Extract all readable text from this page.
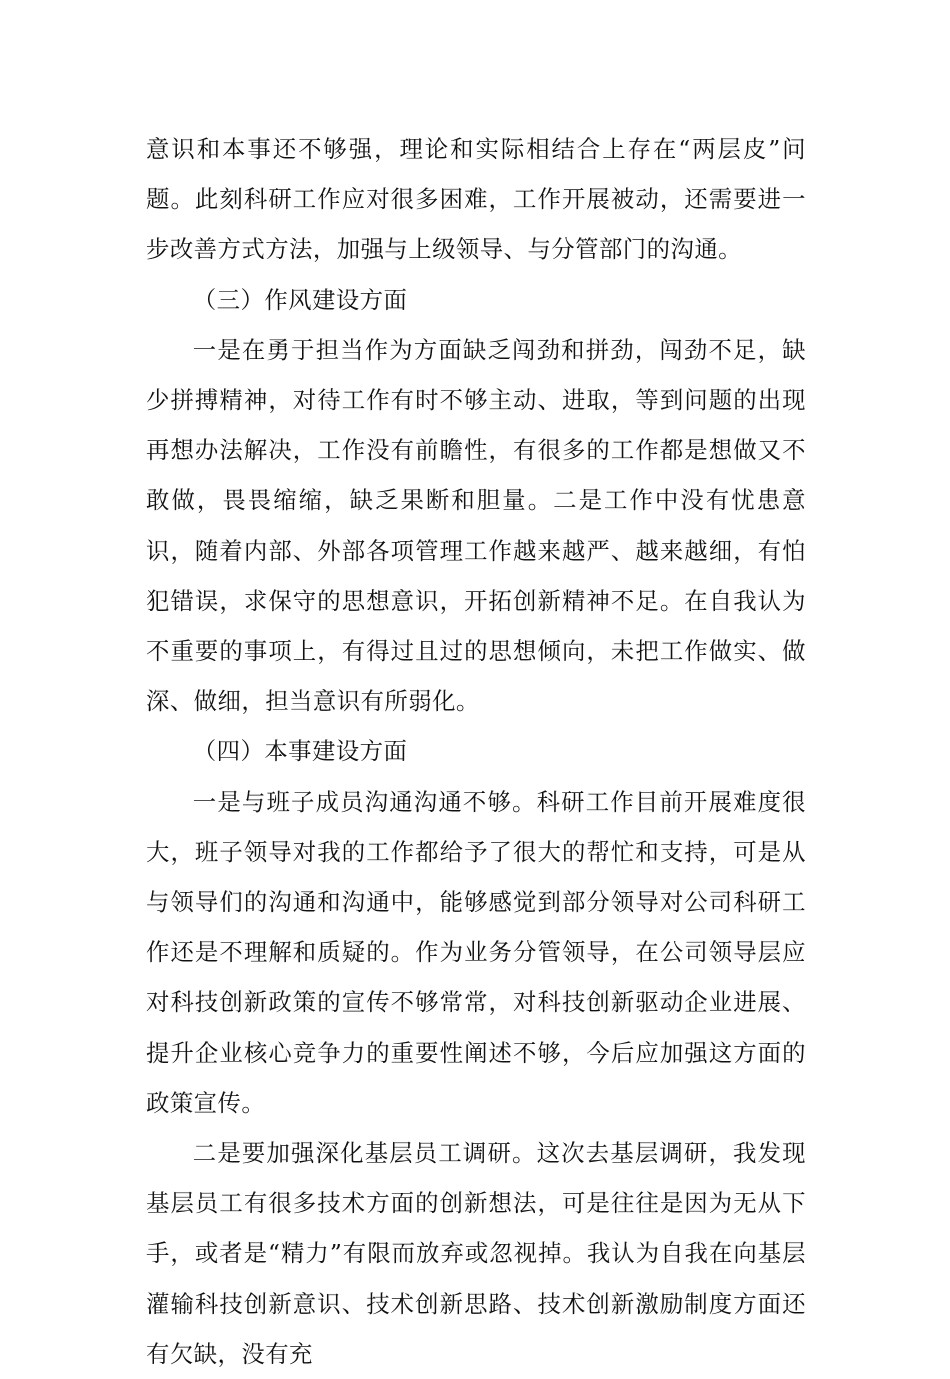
意识和本事还不够强，理论和实际相结合上存在“两层皮”问题。此刻科研工作应对很多困难，工作开展被动，还需要进一步改善方式方法，加强与上级领导、与分管部门的沟通。

（三）作风建设方面

一是在勇于担当作为方面缺乏闯劲和拼劲，闯劲不足，缺少拼搏精神，对待工作有时不够主动、进取，等到问题的出现再想办法解决，工作没有前瞻性，有很多的工作都是想做又不敢做，畏畏缩缩，缺乏果断和胆量。二是工作中没有忧患意识，随着内部、外部各项管理工作越来越严、越来越细，有怕犯错误，求保守的思想意识，开拓创新精神不足。在自我认为不重要的事项上，有得过且过的思想倾向，未把工作做实、做深、做细，担当意识有所弱化。

（四）本事建设方面

一是与班子成员沟通沟通不够。科研工作目前开展难度很大，班子领导对我的工作都给予了很大的帮忙和支持，可是从与领导们的沟通和沟通中，能够感觉到部分领导对公司科研工作还是不理解和质疑的。作为业务分管领导，在公司领导层应对科技创新政策的宣传不够常常，对科技创新驱动企业进展、提升企业核心竞争力的重要性阐述不够，今后应加强这方面的政策宣传。

二是要加强深化基层员工调研。这次去基层调研，我发现基层员工有很多技术方面的创新想法，可是往往是因为无从下手，或者是“精力”有限而放弃或忽视掉。我认为自我在向基层灌输科技创新意识、技术创新思路、技术创新激励制度方面还有欠缺，没有充
